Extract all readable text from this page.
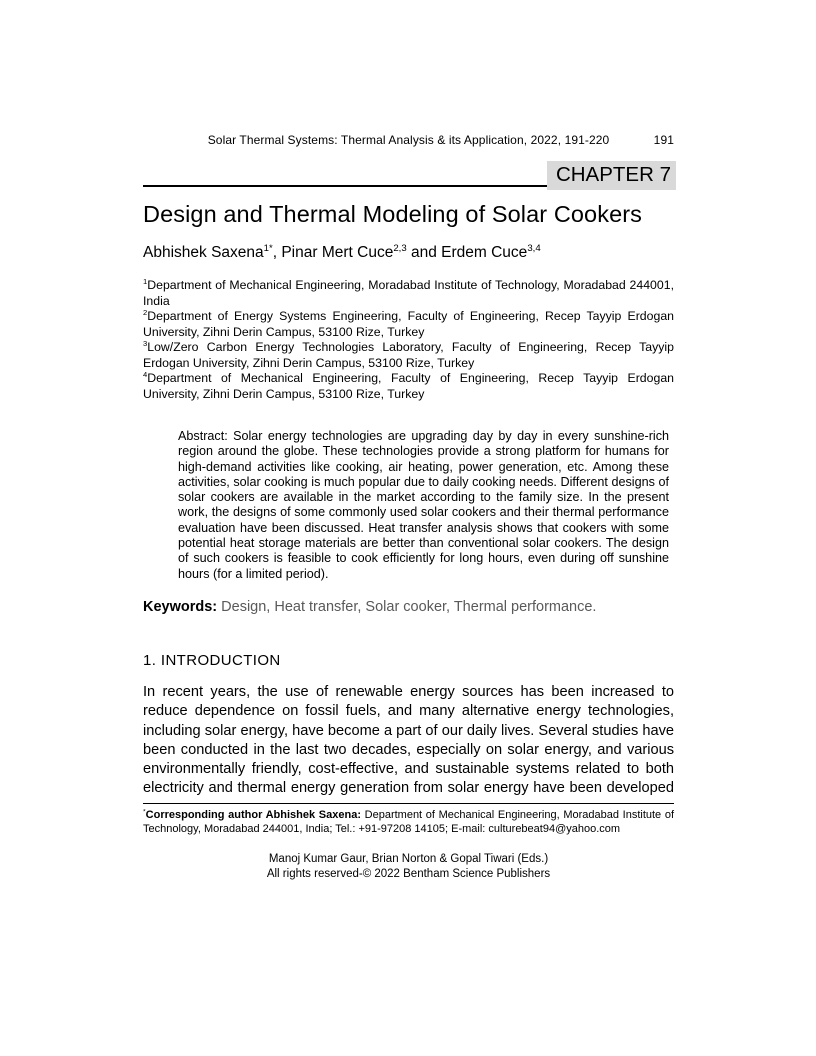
Solar Thermal Systems: Thermal Analysis & its Application, 2022, 191-220	191
CHAPTER 7
Design and Thermal Modeling of Solar Cookers
Abhishek Saxena$^{1*}$, Pinar Mert Cuce$^{2,3}$ and Erdem Cuce$^{3,4}$
$^1$Department of Mechanical Engineering, Moradabad Institute of Technology, Moradabad 244001, India
$^2$Department of Energy Systems Engineering, Faculty of Engineering, Recep Tayyip Erdogan University, Zihni Derin Campus, 53100 Rize, Turkey
$^3$Low/Zero Carbon Energy Technologies Laboratory, Faculty of Engineering, Recep Tayyip Erdogan University, Zihni Derin Campus, 53100 Rize, Turkey
$^4$Department of Mechanical Engineering, Faculty of Engineering, Recep Tayyip Erdogan University, Zihni Derin Campus, 53100 Rize, Turkey
Abstract: Solar energy technologies are upgrading day by day in every sunshine-rich region around the globe. These technologies provide a strong platform for humans for high-demand activities like cooking, air heating, power generation, etc. Among these activities, solar cooking is much popular due to daily cooking needs. Different designs of solar cookers are available in the market according to the family size. In the present work, the designs of some commonly used solar cookers and their thermal performance evaluation have been discussed. Heat transfer analysis shows that cookers with some potential heat storage materials are better than conventional solar cookers. The design of such cookers is feasible to cook efficiently for long hours, even during off sunshine hours (for a limited period).
Keywords: Design, Heat transfer, Solar cooker, Thermal performance.
1. INTRODUCTION
In recent years, the use of renewable energy sources has been increased to reduce dependence on fossil fuels, and many alternative energy technologies, including solar energy, have become a part of our daily lives. Several studies have been conducted in the last two decades, especially on solar energy, and various environmentally friendly, cost-effective, and sustainable systems related to both electricity and thermal energy generation from solar energy have been developed
*Corresponding author Abhishek Saxena: Department of Mechanical Engineering, Moradabad Institute of Technology, Moradabad 244001, India; Tel.: +91-97208 14105; E-mail: culturebeat94@yahoo.com
Manoj Kumar Gaur, Brian Norton & Gopal Tiwari (Eds.)
All rights reserved-© 2022 Bentham Science Publishers
